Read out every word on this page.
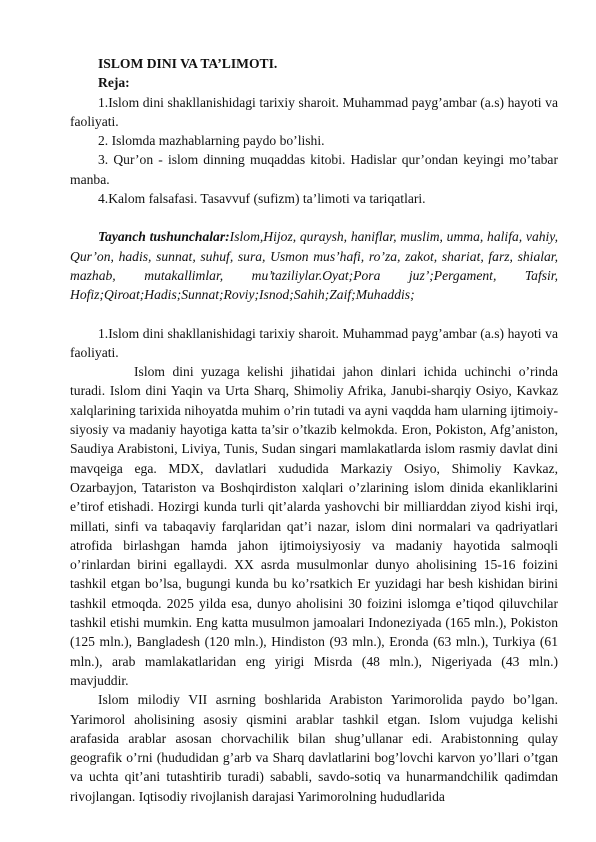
ISLOM DINI VA TA’LIMOTI.

Reja:

1.Islom dini shakllanishidagi tarixiy sharoit. Muhammad payg’ambar (a.s) hayoti va faoliyati.

2. Islomda mazhablarning paydo bo’lishi.

3. Qur’on - islom dinning muqaddas kitobi. Hadislar qur’ondan keyingi mo’tabar manba.

4.Kalom falsafasi. Tasavvuf (sufizm) ta’limoti va tariqatlari.

Tayanch tushunchalar:Islom,Hijoz, quraysh, haniflar, muslim, umma, halifa, vahiy, Qur’on, hadis, sunnat, suhuf, sura, Usmon mus’hafi, ro’za, zakot, shariat, farz, shialar, mazhab, mutakallimlar, mu’taziliylar.Oyat;Pora juz’;Pergament, Tafsir, Hofiz;Qiroat;Hadis;Sunnat;Roviy;Isnod;Sahih;Zaif;Muhaddis;

1.Islom dini shakllanishidagi tarixiy sharoit. Muhammad payg’ambar (a.s) hayoti va faoliyati.

Islom dini yuzaga kelishi jihatidai jahon dinlari ichida uchinchi o’rinda turadi. Islom dini Yaqin va Urta Sharq, Shimoliy Afrika, Janubi-sharqiy Osiyo, Kavkaz xalqlarining tarixida nihoyatda muhim o’rin tutadi va ayni vaqdda ham ularning ijtimoiy-siyosiy va madaniy hayotiga katta ta’sir o’tkazib kelmokda. Eron, Pokiston, Afg’aniston, Saudiya Arabistoni, Liviya, Tunis, Sudan singari mamlakatlarda islom rasmiy davlat dini mavqeiga ega. MDX, davlatlari xududida Markaziy Osiyo, Shimoliy Kavkaz, Ozarbayjon, Tatariston va Boshqirdiston xalqlari o’zlarining islom dinida ekanliklarini e’tirof etishadi. Hozirgi kunda turli qit’alarda yashovchi bir milliarddan ziyod kishi irqi, millati, sinfi va tabaqaviy farqlaridan qat’i nazar, islom dini normalari va qadriyatlari atrofida birlashgan hamda jahon ijtimoiysiyosiy va madaniy hayotida salmoqli o’rinlardan birini egallaydi. XX asrda musulmonlar dunyo aholisining 15-16 foizini tashkil etgan bo’lsa, bugungi kunda bu ko’rsatkich Er yuzidagi har besh kishidan birini tashkil etmoqda. 2025 yilda esa, dunyo aholisini 30 foizini islomga e’tiqod qiluvchilar tashkil etishi mumkin. Eng katta musulmon jamoalari Indoneziyada (165 mln.), Pokiston (125 mln.), Bangladesh (120 mln.), Hindiston (93 mln.), Eronda (63 mln.), Turkiya (61 mln.), arab mamlakatlaridan eng yirigi Misrda (48 mln.), Nigeriyada (43 mln.) mavjuddir.

Islom milodiy VII asrning boshlarida Arabiston Yarimorolida paydo bo’lgan. Yarimorol aholisining asosiy qismini arablar tashkil etgan. Islom vujudga kelishi arafasida arablar asosan chorvachilik bilan shug’ullanar edi. Arabistonning qulay geografik o’rni (hududidan g’arb va Sharq davlatlarini bog’lovchi karvon yo’llari o’tgan va uchta qit’ani tutashtirib turadi) sababli, savdo-sotiq va hunarmandchilik qadimdan rivojlangan. Iqtisodiy rivojlanish darajasi Yarimorolning hududlarida
